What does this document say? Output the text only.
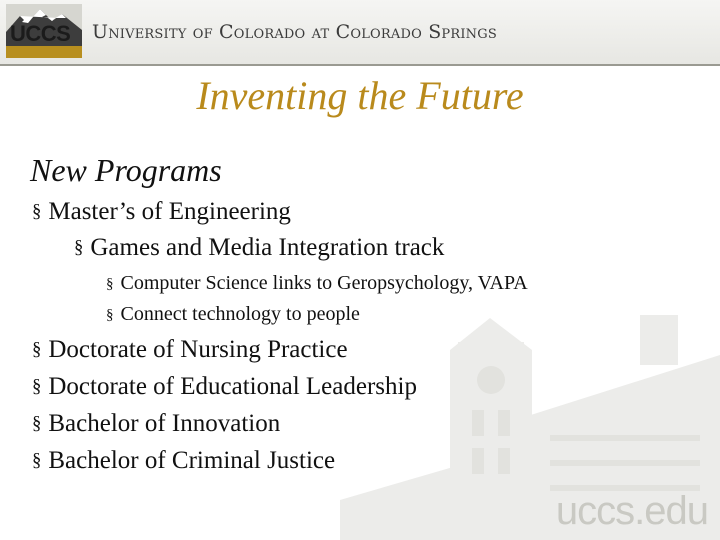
UCCS	University of Colorado at Colorado Springs
uccs.edu
Inventing the Future
New Programs
§ Master’s of Engineering
§ Games and Media Integration track
§ Computer Science links to Geropsychology, VAPA
§ Connect technology to people
§ Doctorate of Nursing Practice
§ Doctorate of Educational Leadership
§ Bachelor of Innovation
§ Bachelor of Criminal Justice
